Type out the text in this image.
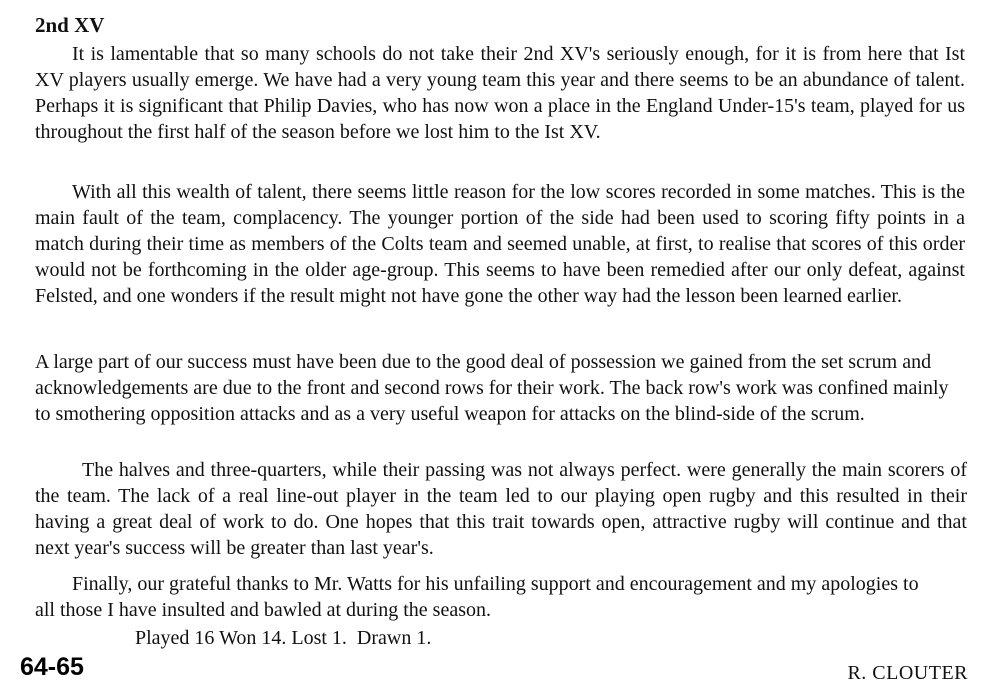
2nd XV

It is lamentable that so many schools do not take their 2nd XV's seriously enough, for it is from here that Ist XV players usually emerge. We have had a very young team this year and there seems to be an abundance of talent. Perhaps it is significant that Philip Davies, who has now won a place in the England Under-15's team, played for us throughout the first half of the season before we lost him to the Ist XV.

With all this wealth of talent, there seems little reason for the low scores recorded in some matches. This is the main fault of the team, complacency. The younger portion of the side had been used to scoring fifty points in a match during their time as members of the Colts team and seemed unable, at first, to realise that scores of this order would not be forthcoming in the older age-group. This seems to have been remedied after our only defeat, against Felsted, and one wonders if the result might not have gone the other way had the lesson been learned earlier.

A large part of our success must have been due to the good deal of possession we gained from the set scrum and acknowledgements are due to the front and second rows for their work. The back row's work was confined mainly to smothering opposition attacks and as a very useful weapon for attacks on the blind-side of the scrum.

The halves and three-quarters, while their passing was not always perfect. were generally the main scorers of the team. The lack of a real line-out player in the team led to our playing open rugby and this resulted in their having a great deal of work to do. One hopes that this trait towards open, attractive rugby will continue and that next year's success will be greater than last year's.

Finally, our grateful thanks to Mr. Watts for his unfailing support and encouragement and my apologies to all those I have insulted and bawled at during the season.

Played 16 Won 14. Lost 1.  Drawn 1.

64-65	R. CLOUTER
